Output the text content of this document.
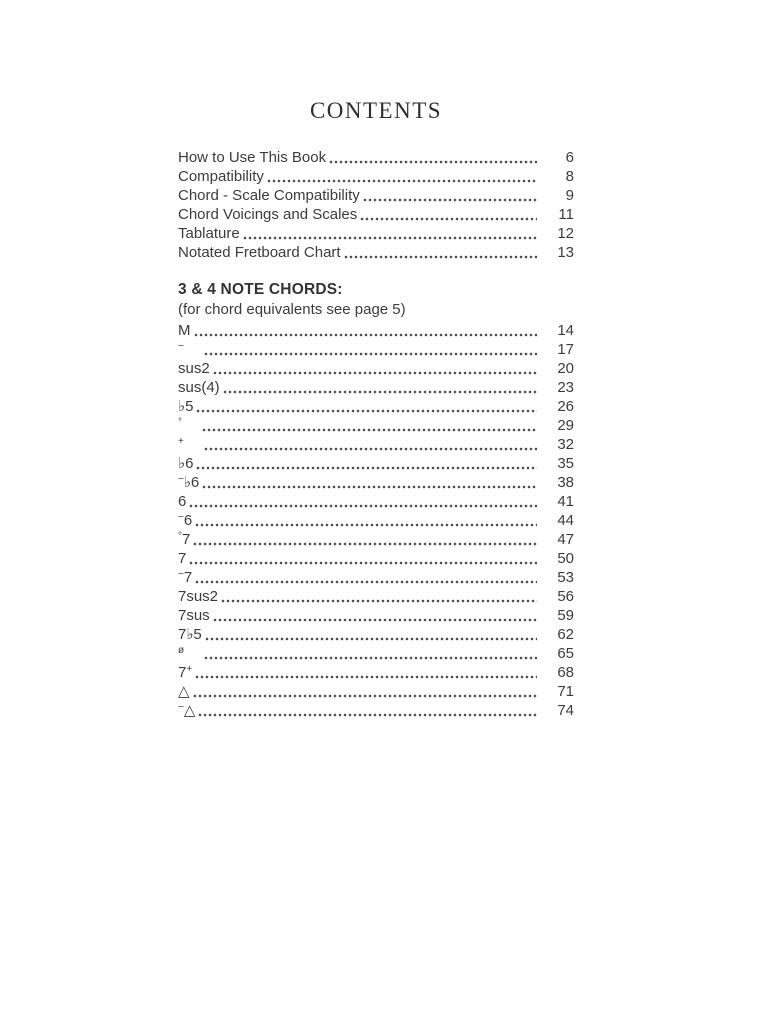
CONTENTS
How to Use This Book	6
Compatibility	8
Chord - Scale Compatibility	9
Chord Voicings and Scales	11
Tablature	12
Notated Fretboard Chart	13
3 & 4 NOTE CHORDS:
(for chord equivalents see page 5)
M	14
−	17
sus2	20
sus(4)	23
♭5	26
°	29
+	32
♭6	35
−♭6	38
6	41
−6	44
°7	47
7	50
−7	53
7sus2	56
7sus	59
7♭5	62
$^ø$	65
7+	68
△	71
−△	74
